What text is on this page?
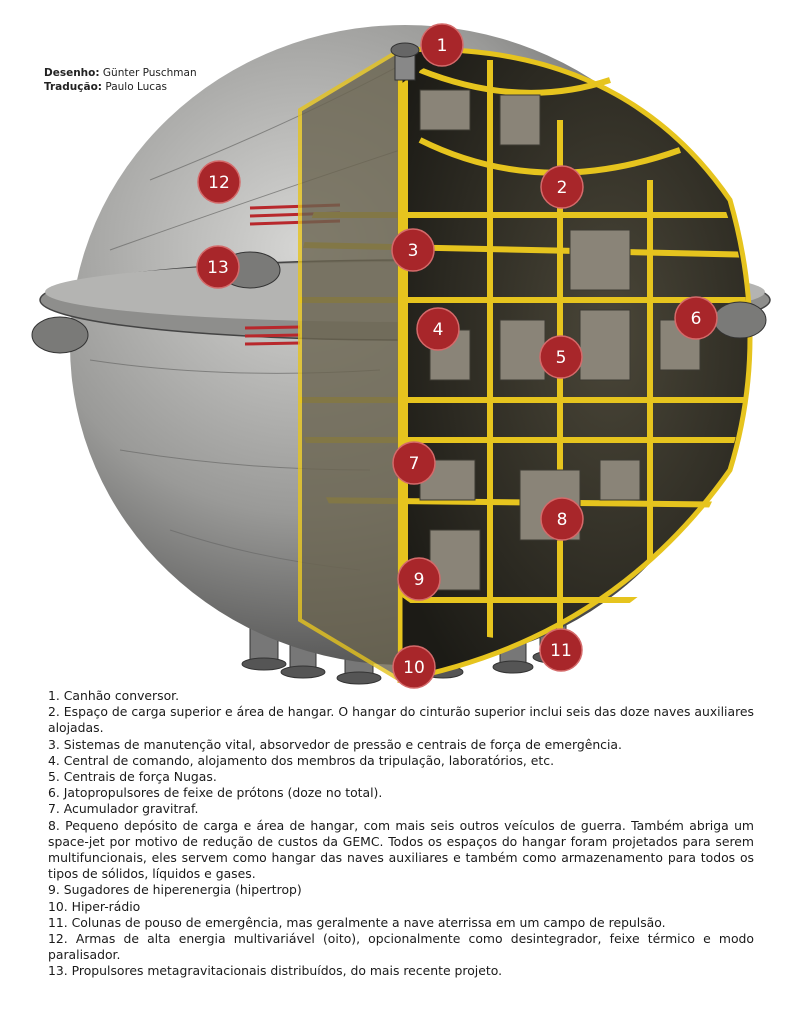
Desenho: Günter Puschman
Tradução: Paulo Lucas
1
2
3
4
5
6
7
8
9
10
11
12
13
1. Canhão conversor.
2. Espaço de carga superior e área de hangar. O hangar do cinturão superior inclui seis das doze naves auxiliares alojadas.
3. Sistemas de manutenção vital, absorvedor de pressão e centrais de força de emergência.
4. Central de comando, alojamento dos membros da tripulação, laboratórios, etc.
5. Centrais de força Nugas.
6. Jatopropulsores de feixe de prótons (doze no total).
7. Acumulador gravitraf.
8. Pequeno depósito de carga e área de hangar, com mais seis outros veículos de guerra. Também abriga um space-jet por motivo de redução de custos da GEMC. Todos os espaços do hangar foram projetados para serem multifuncionais, eles servem como hangar das naves auxiliares e também como armazenamento para todos os tipos de sólidos, líquidos e gases.
9. Sugadores de hiperenergia (hipertrop)
10. Hiper-rádio
11. Colunas de pouso de emergência, mas geralmente a nave aterrissa em um campo de repulsão.
12. Armas de alta energia multivariável (oito), opcionalmente como desintegrador, feixe térmico e modo paralisador.
13. Propulsores metagravitacionais distribuídos, do mais recente projeto.
